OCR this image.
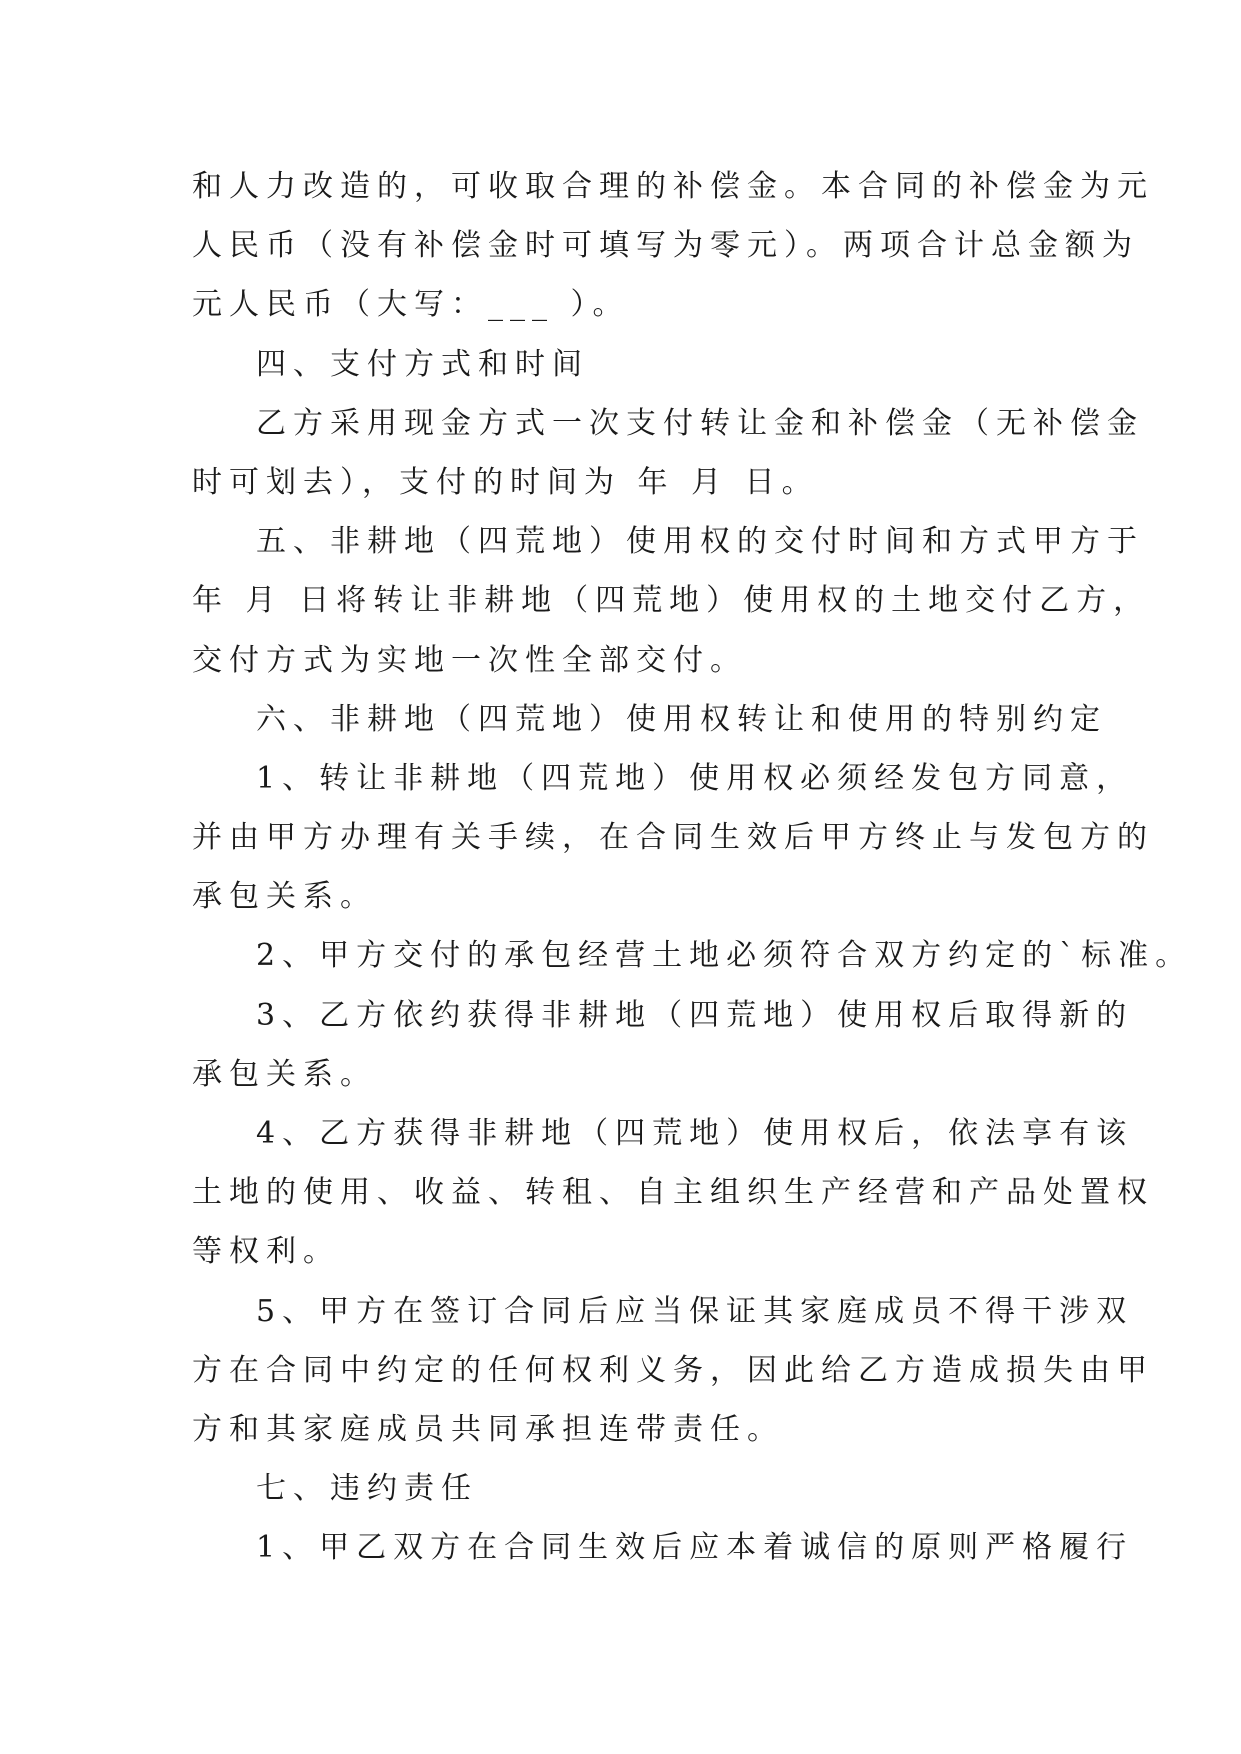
和人力改造的，可收取合理的补偿金。本合同的补偿金为元
人民币（没有补偿金时可填写为零元）。两项合计总金额为
元人民币（大写：___ ）。
四、支付方式和时间
乙方采用现金方式一次支付转让金和补偿金（无补偿金
时可划去），支付的时间为 年 月 日。
五、非耕地（四荒地）使用权的交付时间和方式甲方于
年 月 日将转让非耕地（四荒地）使用权的土地交付乙方，
交付方式为实地一次性全部交付。
六、非耕地（四荒地）使用权转让和使用的特别约定
1、转让非耕地（四荒地）使用权必须经发包方同意，
并由甲方办理有关手续，在合同生效后甲方终止与发包方的
承包关系。
2、甲方交付的承包经营土地必须符合双方约定的`标准。
3、乙方依约获得非耕地（四荒地）使用权后取得新的
承包关系。
4、乙方获得非耕地（四荒地）使用权后，依法享有该
土地的使用、收益、转租、自主组织生产经营和产品处置权
等权利。
5、甲方在签订合同后应当保证其家庭成员不得干涉双
方在合同中约定的任何权利义务，因此给乙方造成损失由甲
方和其家庭成员共同承担连带责任。
七、违约责任
1、甲乙双方在合同生效后应本着诚信的原则严格履行
